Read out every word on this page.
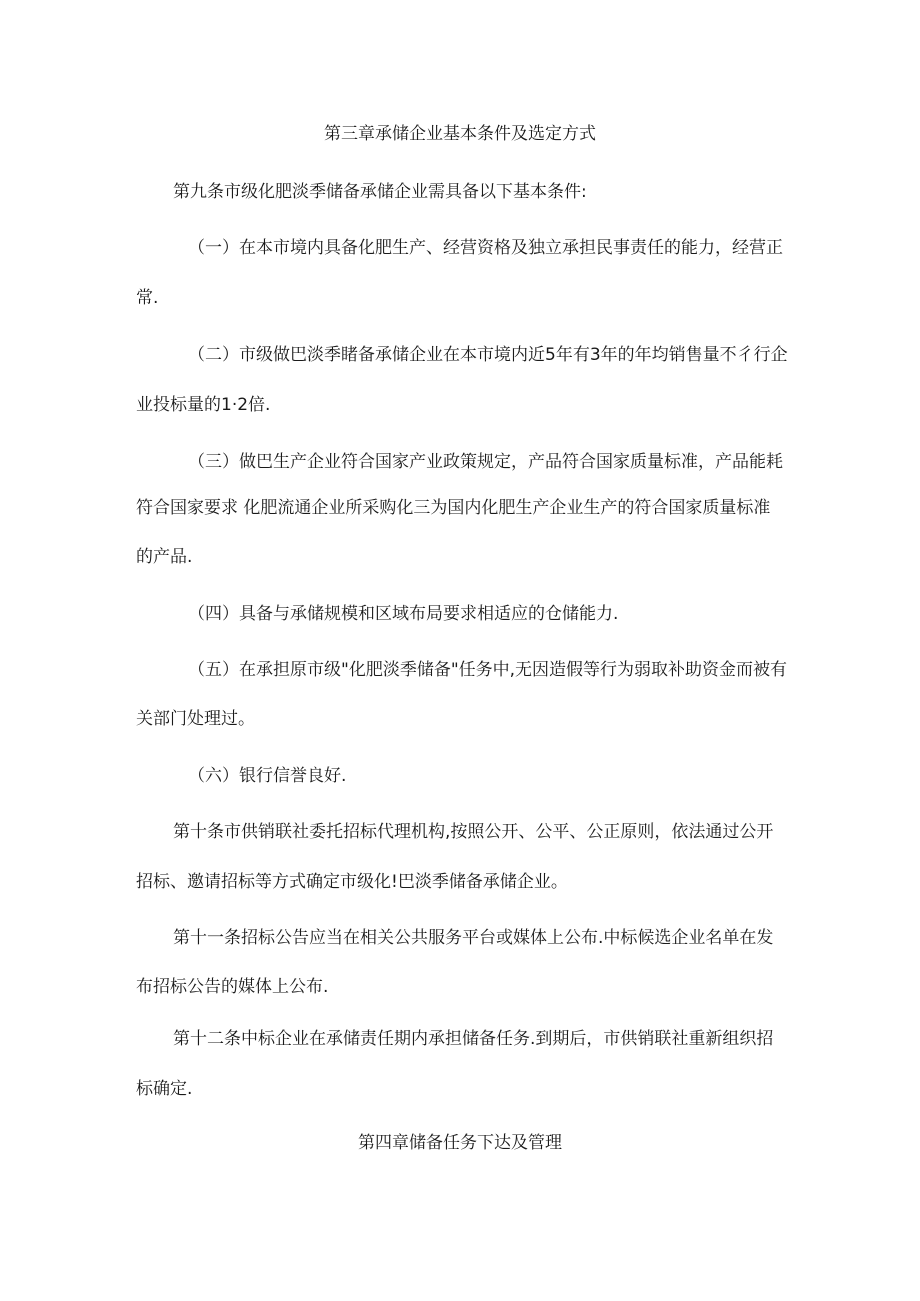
第三章承储企业基本条件及选定方式
第九条市级化肥淡季储备承储企业需具备以下基本条件:
（一）在本市境内具备化肥生产、经营资格及独立承担民事责任的能力，经营正
常.
（二）市级做巴淡季睹备承储企业在本市境内近5年有3年的年均销售量不彳行企
业投标量的1·2倍.
（三）做巴生产企业符合国家产业政策规定，产品符合国家质量标准，产品能耗
符合国家要求 化肥流通企业所采购化三为国内化肥生产企业生产的符合国家质量标准
的产品.
（四）具备与承储规模和区域布局要求相适应的仓储能力.
（五）在承担原市级"化肥淡季储备"任务中,无因造假等行为弱取补助资金而被有
关部门处理过。
（六）银行信誉良好.
第十条市供销联社委托招标代理机构,按照公开、公平、公正原则，依法通过公开
招标、邀请招标等方式确定市级化!巴淡季储备承储企业。
第十一条招标公告应当在相关公共服务平台或媒体上公布.中标候选企业名单在发
布招标公告的媒体上公布.
第十二条中标企业在承储责任期内承担储备任务.到期后，市供销联社重新组织招
标确定.
第四章储备任务下达及管理
